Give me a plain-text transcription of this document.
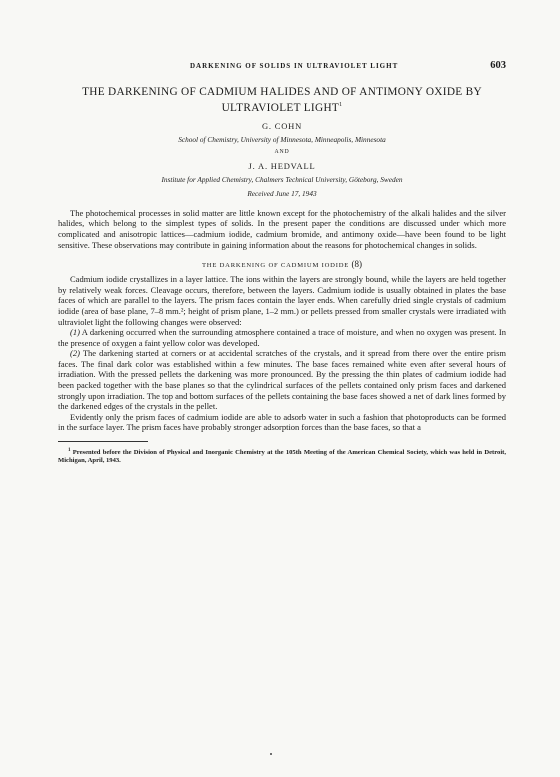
DARKENING OF SOLIDS IN ULTRAVIOLET LIGHT	603
THE DARKENING OF CADMIUM HALIDES AND OF ANTIMONY OXIDE BY ULTRAVIOLET LIGHT$^1$
G. COHN
School of Chemistry, University of Minnesota, Minneapolis, Minnesota
AND
J. A. HEDVALL
Institute for Applied Chemistry, Chalmers Technical University, Göteborg, Sweden
Received June 17, 1943

The photochemical processes in solid matter are little known except for the photochemistry of the alkali halides and the silver halides, which belong to the simplest types of solids. In the present paper the conditions are discussed under which more complicated and anisotropic lattices—cadmium iodide, cadmium bromide, and antimony oxide—have been found to be light sensitive. These observations may contribute in gaining information about the reasons for photochemical changes in solids.

THE DARKENING OF CADMIUM IODIDE (8)

Cadmium iodide crystallizes in a layer lattice. The ions within the layers are strongly bound, while the layers are held together by relatively weak forces. Cleavage occurs, therefore, between the layers. Cadmium iodide is usually obtained in plates the base faces of which are parallel to the layers. The prism faces contain the layer ends. When carefully dried single crystals of cadmium iodide (area of base plane, 7–8 mm.²; height of prism plane, 1–2 mm.) or pellets pressed from smaller crystals were irradiated with ultraviolet light the following changes were observed:

(1) A darkening occurred when the surrounding atmosphere contained a trace of moisture, and when no oxygen was present. In the presence of oxygen a faint yellow color was developed.

(2) The darkening started at corners or at accidental scratches of the crystals, and it spread from there over the entire prism faces. The final dark color was established within a few minutes. The base faces remained white even after several hours of irradiation. With the pressed pellets the darkening was more pronounced. By the pressing the thin plates of cadmium iodide had been packed together with the base planes so that the cylindrical surfaces of the pellets contained only prism faces and darkened strongly upon irradiation. The top and bottom surfaces of the pellets containing the base faces showed a net of dark lines formed by the darkened edges of the crystals in the pellet.

Evidently only the prism faces of cadmium iodide are able to adsorb water in such a fashion that photoproducts can be formed in the surface layer. The prism faces have probably stronger adsorption forces than the base faces, so that a

$^1$ Presented before the Division of Physical and Inorganic Chemistry at the 105th Meeting of the American Chemical Society, which was held in Detroit, Michigan, April, 1943.
